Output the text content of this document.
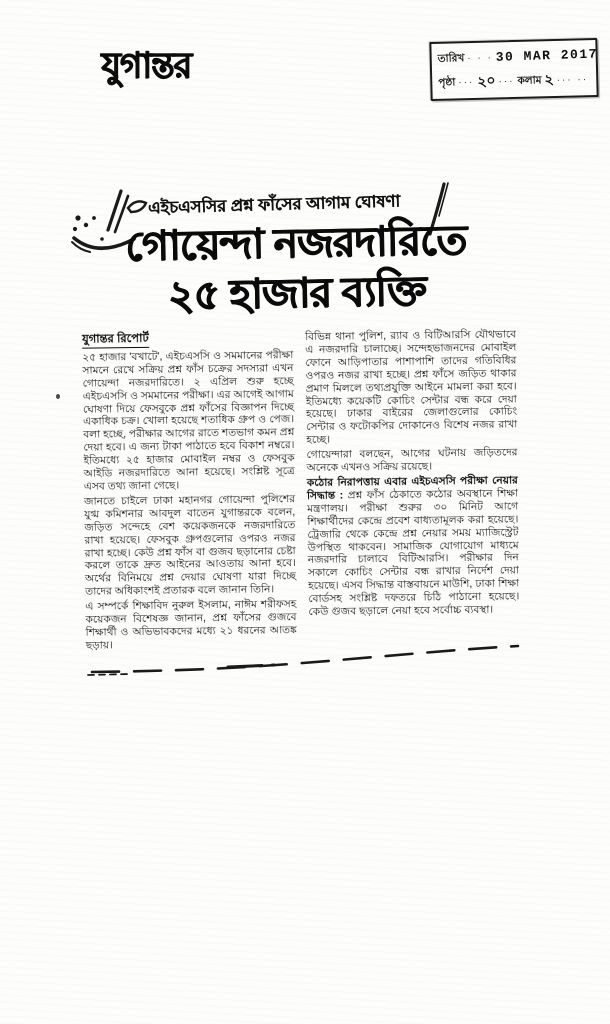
যুগান্তর	তারিখ · · · 30 MAR 2017
পৃষ্ঠা ··· ২০ ··· কলাম ২ ··· ··
এইচএসসির প্রশ্ন ফাঁসের আগাম ঘোষণা
গোয়েন্দা নজরদারিতে
২৫ হাজার ব্যক্তি
যুগান্তর রিপোর্ট

২৫ হাজার 'বখাটে', এইচএসসি ও সমমানের পরীক্ষা সামনে রেখে সক্রিয় প্রশ্ন ফাঁস চক্রের সদস্যরা এখন গোয়েন্দা নজরদারিতে। ২ এপ্রিল শুরু হচ্ছে এইচএসসি ও সমমানের পরীক্ষা। এর আগেই আগাম ঘোষণা দিয়ে ফেসবুকে প্রশ্ন ফাঁসের বিজ্ঞাপন দিচ্ছে একাধিক চক্র। খোলা হয়েছে শতাধিক গ্রুপ ও পেজ। বলা হচ্ছে, পরীক্ষার আগের রাতে শতভাগ কমন প্রশ্ন দেয়া হবে। এ জন্য টাকা পাঠাতে হবে বিকাশ নম্বরে। ইতিমধ্যে ২৫ হাজার মোবাইল নম্বর ও ফেসবুক আইডি নজরদারিতে আনা হয়েছে। সংশ্লিষ্ট সূত্রে এসব তথ্য জানা গেছে।

জানতে চাইলে ঢাকা মহানগর গোয়েন্দা পুলিশের যুগ্ম কমিশনার আবদুল বাতেন যুগান্তরকে বলেন, জড়িত সন্দেহে বেশ কয়েকজনকে নজরদারিতে রাখা হয়েছে। ফেসবুক গ্রুপগুলোর ওপরও নজর রাখা হচ্ছে। কেউ প্রশ্ন ফাঁস বা গুজব ছড়ানোর চেষ্টা করলে তাকে দ্রুত আইনের আওতায় আনা হবে। অর্থের বিনিময়ে প্রশ্ন দেয়ার ঘোষণা যারা দিচ্ছে তাদের অধিকাংশই প্রতারক বলে জানান তিনি।

এ সম্পর্কে শিক্ষাবিদ নুরুল ইসলাম, নাঈম শরীফসহ কয়েকজন বিশেষজ্ঞ জানান, প্রশ্ন ফাঁসের গুজবে শিক্ষার্থী ও অভিভাবকদের মধ্যে ২১ ধরনের আতঙ্ক ছড়ায়।

বিভিন্ন থানা পুলিশ, র‌্যাব ও বিটিআরসি যৌথভাবে এ নজরদারি চালাচ্ছে। সন্দেহভাজনদের মোবাইল ফোনে আড়িপাতার পাশাপাশি তাদের গতিবিধির ওপরও নজর রাখা হচ্ছে। প্রশ্ন ফাঁসে জড়িত থাকার প্রমাণ মিললে তথ্যপ্রযুক্তি আইনে মামলা করা হবে। ইতিমধ্যে কয়েকটি কোচিং সেন্টার বন্ধ করে দেয়া হয়েছে। ঢাকার বাইরের জেলাগুলোর কোচিং সেন্টার ও ফটোকপির দোকানেও বিশেষ নজর রাখা হচ্ছে।

গোয়েন্দারা বলছেন, আগের ঘটনায় জড়িতদের অনেকে এখনও সক্রিয় রয়েছে।

কঠোর নিরাপত্তায় এবার এইচএসসি পরীক্ষা নেয়ার সিদ্ধান্ত : প্রশ্ন ফাঁস ঠেকাতে কঠোর অবস্থানে শিক্ষা মন্ত্রণালয়। পরীক্ষা শুরুর ৩০ মিনিট আগে শিক্ষার্থীদের কেন্দ্রে প্রবেশ বাধ্যতামূলক করা হয়েছে। ট্রেজারি থেকে কেন্দ্রে প্রশ্ন নেয়ার সময় ম্যাজিস্ট্রেট উপস্থিত থাকবেন। সামাজিক যোগাযোগ মাধ্যমে নজরদারি চালাবে বিটিআরসি। পরীক্ষার দিন সকালে কোচিং সেন্টার বন্ধ রাখার নির্দেশ দেয়া হয়েছে। এসব সিদ্ধান্ত বাস্তবায়নে মাউশি, ঢাকা শিক্ষা বোর্ডসহ সংশ্লিষ্ট দফতরে চিঠি পাঠানো হয়েছে। কেউ গুজব ছড়ালে নেয়া হবে সর্বোচ্চ ব্যবস্থা।
